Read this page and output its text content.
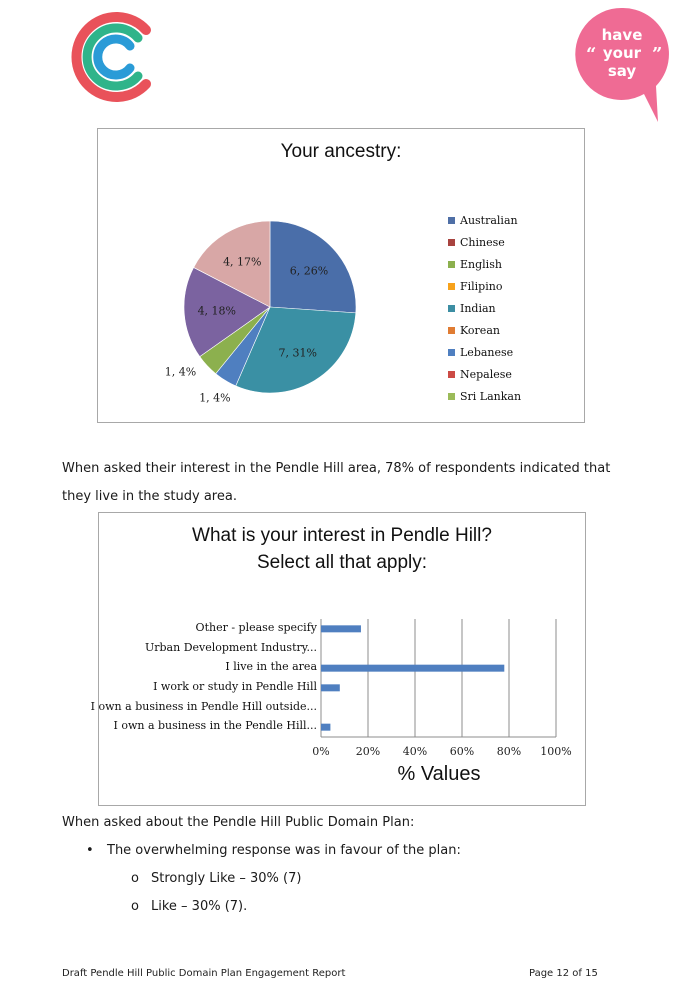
have
your
say
“	”
Your ancestry:
6, 26%
7, 31%
1, 4%
1, 4%
4, 18%
4, 17%
Australian
Chinese
English
Filipino
Indian
Korean
Lebanese
Nepalese
Sri Lankan
When asked their interest in the Pendle Hill area, 78% of respondents indicated that they live in the study area.
What is your interest in Pendle Hill?
Select all that apply:
0% 20% 40% 60% 80% 100%
Other - please specify
Urban Development Industry...
I live in the area
I work or study in Pendle Hill
I own a business in Pendle Hill outside...
I own a business in the Pendle Hill...
% Values
When asked about the Pendle Hill Public Domain Plan:
• The overwhelming response was in favour of the plan:
o Strongly Like – 30% (7)
o Like – 30% (7).
Draft Pendle Hill Public Domain Plan Engagement Report	Page 12 of 15
